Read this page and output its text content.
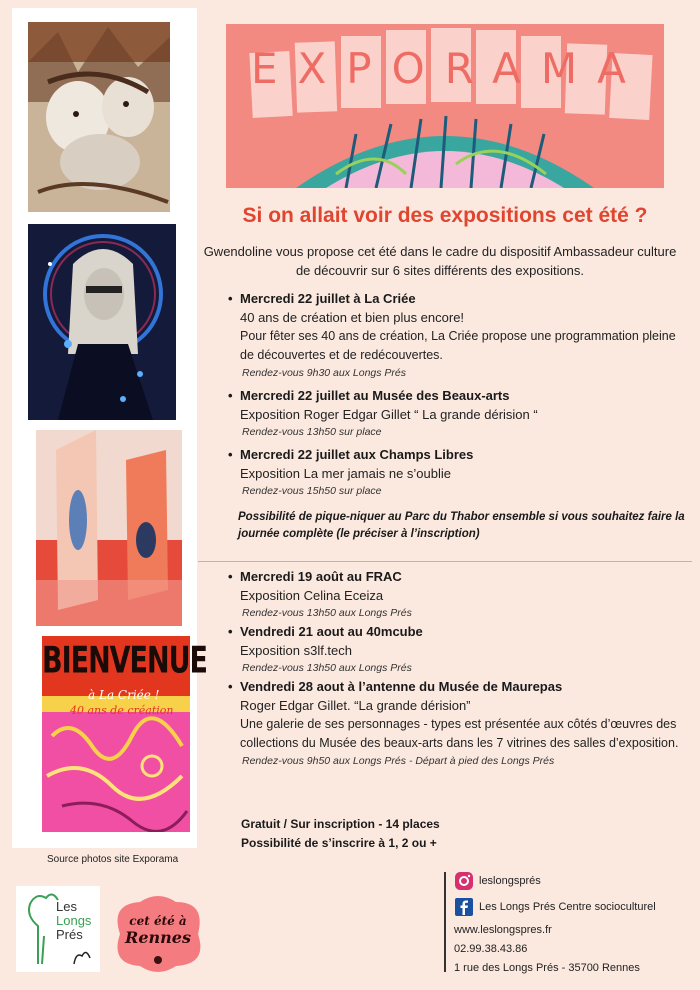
BIENVENUE
à La Criée !
40 ans de création
Source photos site Exporama
EXPORAMA
Si on allait voir des expositions cet été ?
Gwendoline vous propose cet été dans le cadre du dispositif Ambassadeur culture de découvrir sur 6 sites différents des expositions.
• Mercredi 22 juillet à La Criée
40 ans de création et bien plus encore!
Pour fêter ses 40 ans de création, La Criée propose une programmation pleine de découvertes et de redécouvertes.
Rendez-vous 9h30 aux Longs Prés
• Mercredi 22 juillet au Musée des Beaux-arts
Exposition Roger Edgar Gillet “ La grande dérision “
Rendez-vous 13h50 sur place
• Mercredi 22 juillet aux Champs Libres
Exposition La mer jamais ne s’oublie
Rendez-vous 15h50 sur place
Possibilité de pique-niquer au Parc du Thabor ensemble si vous souhaitez faire la journée complète (le préciser à l’inscription)
• Mercredi 19 août au FRAC
Exposition Celina Eceiza
Rendez-vous 13h50 aux Longs Prés
• Vendredi 21 aout au 40mcube
Exposition s3lf.tech
Rendez-vous 13h50 aux Longs Prés
• Vendredi 28 aout à l’antenne du Musée de Maurepas
Roger Edgar Gillet. “La grande dérision”
Une galerie de ses personnages - types est présentée aux côtés d’œuvres des collections du Musée des beaux-arts dans les 7 vitrines des salles d’exposition.
Rendez-vous 9h50 aux Longs Prés - Départ à pied des Longs Prés
Gratuit / Sur inscription - 14 places
Possibilité de s’inscrire à 1, 2 ou +
Les
Longs
Prés
cet été à
Rennes
leslongsprés
Les Longs Prés Centre socioculturel
www.leslongspres.fr
02.99.38.43.86
1 rue des Longs Prés - 35700 Rennes
